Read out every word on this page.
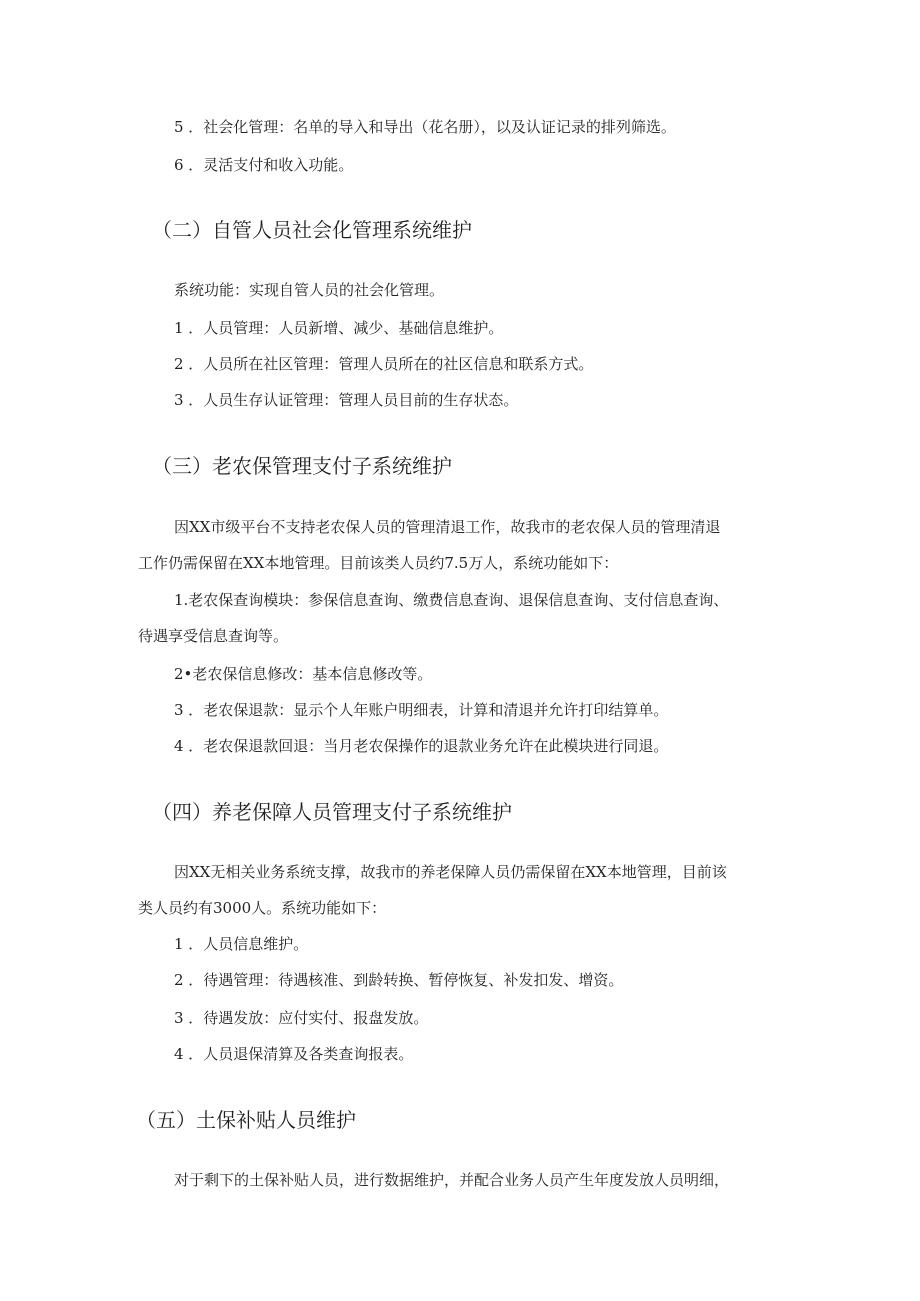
5 ．社会化管理：名单的导入和导出（花名册），以及认证记录的排列筛选。
6 ．灵活支付和收入功能。
（二）自管人员社会化管理系统维护
系统功能：实现自管人员的社会化管理。
1 ．人员管理：人员新增、减少、基础信息维护。
2 ．人员所在社区管理：管理人员所在的社区信息和联系方式。
3 ．人员生存认证管理：管理人员目前的生存状态。
（三）老农保管理支付子系统维护
因XX市级平台不支持老农保人员的管理清退工作，故我市的老农保人员的管理清退
工作仍需保留在XX本地管理。目前该类人员约7.5万人，系统功能如下：
1.老农保查询模块：参保信息查询、缴费信息查询、退保信息查询、支付信息查询、
待遇享受信息查询等。
2•老农保信息修改：基本信息修改等。
3 ．老农保退款：显示个人年账户明细表，计算和清退并允许打印结算单。
4 ．老农保退款回退：当月老农保操作的退款业务允许在此模块进行同退。
（四）养老保障人员管理支付子系统维护
因XX无相关业务系统支撑，故我市的养老保障人员仍需保留在XX本地管理，目前该
类人员约有3000人。系统功能如下：
1 ．人员信息维护。
2 ．待遇管理：待遇核准、到龄转换、暂停恢复、补发扣发、增资。
3 ．待遇发放：应付实付、报盘发放。
4 ．人员退保清算及各类查询报表。
（五）土保补贴人员维护
对于剩下的土保补贴人员，进行数据维护，并配合业务人员产生年度发放人员明细，
